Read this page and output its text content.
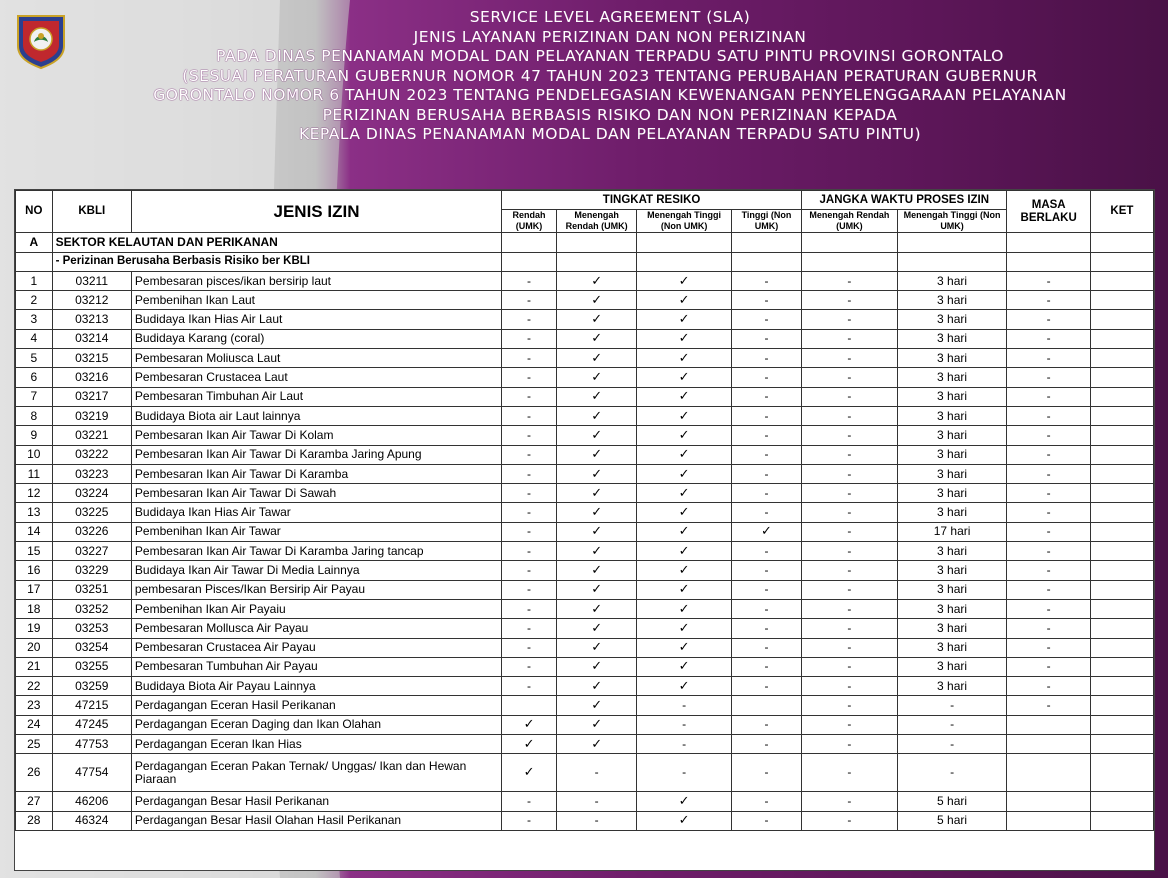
SERVICE LEVEL AGREEMENT (SLA)
JENIS LAYANAN PERIZINAN DAN NON PERIZINAN
PADA DINAS PENANAMAN MODAL DAN PELAYANAN TERPADU SATU PINTU PROVINSI GORONTALO
(SESUAI PERATURAN GUBERNUR NOMOR 47 TAHUN 2023 TENTANG PERUBAHAN PERATURAN GUBERNUR
GORONTALO NOMOR 6 TAHUN 2023 TENTANG PENDELEGASIAN KEWENANGAN PENYELENGGARAAN PELAYANAN
PERIZINAN BERUSAHA BERBASIS RISIKO DAN NON PERIZINAN KEPADA
KEPALA DINAS PENANAMAN MODAL DAN PELAYANAN TERPADU SATU PINTU)
NO	KBLI	JENIS IZIN	TINGKAT RESIKO				JANGKA WAKTU PROSES IZIN		MASA BERLAKU	KET
			Rendah (UMK)	Menengah Rendah (UMK)	Menengah Tinggi (Non UMK)	Tinggi (Non UMK)	Menengah Rendah (UMK)	Menengah Tinggi (Non UMK)		
A	SEKTOR KELAUTAN DAN PERIKANAN									
	- Perizinan Berusaha Berbasis Risiko ber KBLI									
1	03211	Pembesaran pisces/ikan bersirip laut	-	✓	✓	-	-	3 hari	-	
2	03212	Pembenihan Ikan Laut	-	✓	✓	-	-	3 hari	-	
3	03213	Budidaya Ikan Hias Air Laut	-	✓	✓	-	-	3 hari	-	
4	03214	Budidaya Karang (coral)	-	✓	✓	-	-	3 hari	-	
5	03215	Pembesaran Moliusca Laut	-	✓	✓	-	-	3 hari	-	
6	03216	Pembesaran Crustacea Laut	-	✓	✓	-	-	3 hari	-	
7	03217	Pembesaran Timbuhan Air Laut	-	✓	✓	-	-	3 hari	-	
8	03219	Budidaya Biota air Laut lainnya	-	✓	✓	-	-	3 hari	-	
9	03221	Pembesaran Ikan Air Tawar Di Kolam	-	✓	✓	-	-	3 hari	-	
10	03222	Pembesaran Ikan Air Tawar Di Karamba Jaring Apung	-	✓	✓	-	-	3 hari	-	
11	03223	Pembesaran Ikan Air Tawar Di Karamba	-	✓	✓	-	-	3 hari	-	
12	03224	Pembesaran Ikan Air Tawar Di Sawah	-	✓	✓	-	-	3 hari	-	
13	03225	Budidaya Ikan Hias Air Tawar	-	✓	✓	-	-	3 hari	-	
14	03226	Pembenihan Ikan Air Tawar	-	✓	✓	✓	-	17 hari	-	
15	03227	Pembesaran Ikan Air Tawar Di Karamba Jaring tancap	-	✓	✓	-	-	3 hari	-	
16	03229	Budidaya Ikan Air Tawar Di Media Lainnya	-	✓	✓	-	-	3 hari	-	
17	03251	pembesaran Pisces/Ikan Bersirip Air Payau	-	✓	✓	-	-	3 hari	-	
18	03252	Pembenihan Ikan Air Payaiu	-	✓	✓	-	-	3 hari	-	
19	03253	Pembesaran Mollusca Air Payau	-	✓	✓	-	-	3 hari	-	
20	03254	Pembesaran Crustacea Air Payau	-	✓	✓	-	-	3 hari	-	
21	03255	Pembesaran Tumbuhan Air Payau	-	✓	✓	-	-	3 hari	-	
22	03259	Budidaya Biota Air Payau Lainnya	-	✓	✓	-	-	3 hari	-	
23	47215	Perdagangan Eceran Hasil Perikanan		✓	-		-	-	-	
24	47245	Perdagangan Eceran Daging dan Ikan Olahan	✓	✓	-	-	-	-		
25	47753	Perdagangan Eceran Ikan Hias	✓	✓	-	-	-	-		
26	47754	Perdagangan Eceran Pakan Ternak/ Unggas/ Ikan dan Hewan Piaraan	✓	-	-	-	-	-		
27	46206	Perdagangan Besar Hasil Perikanan	-	-	✓	-	-	5 hari		
28	46324	Perdagangan Besar Hasil Olahan Hasil Perikanan	-	-	✓	-	-	5 hari		
